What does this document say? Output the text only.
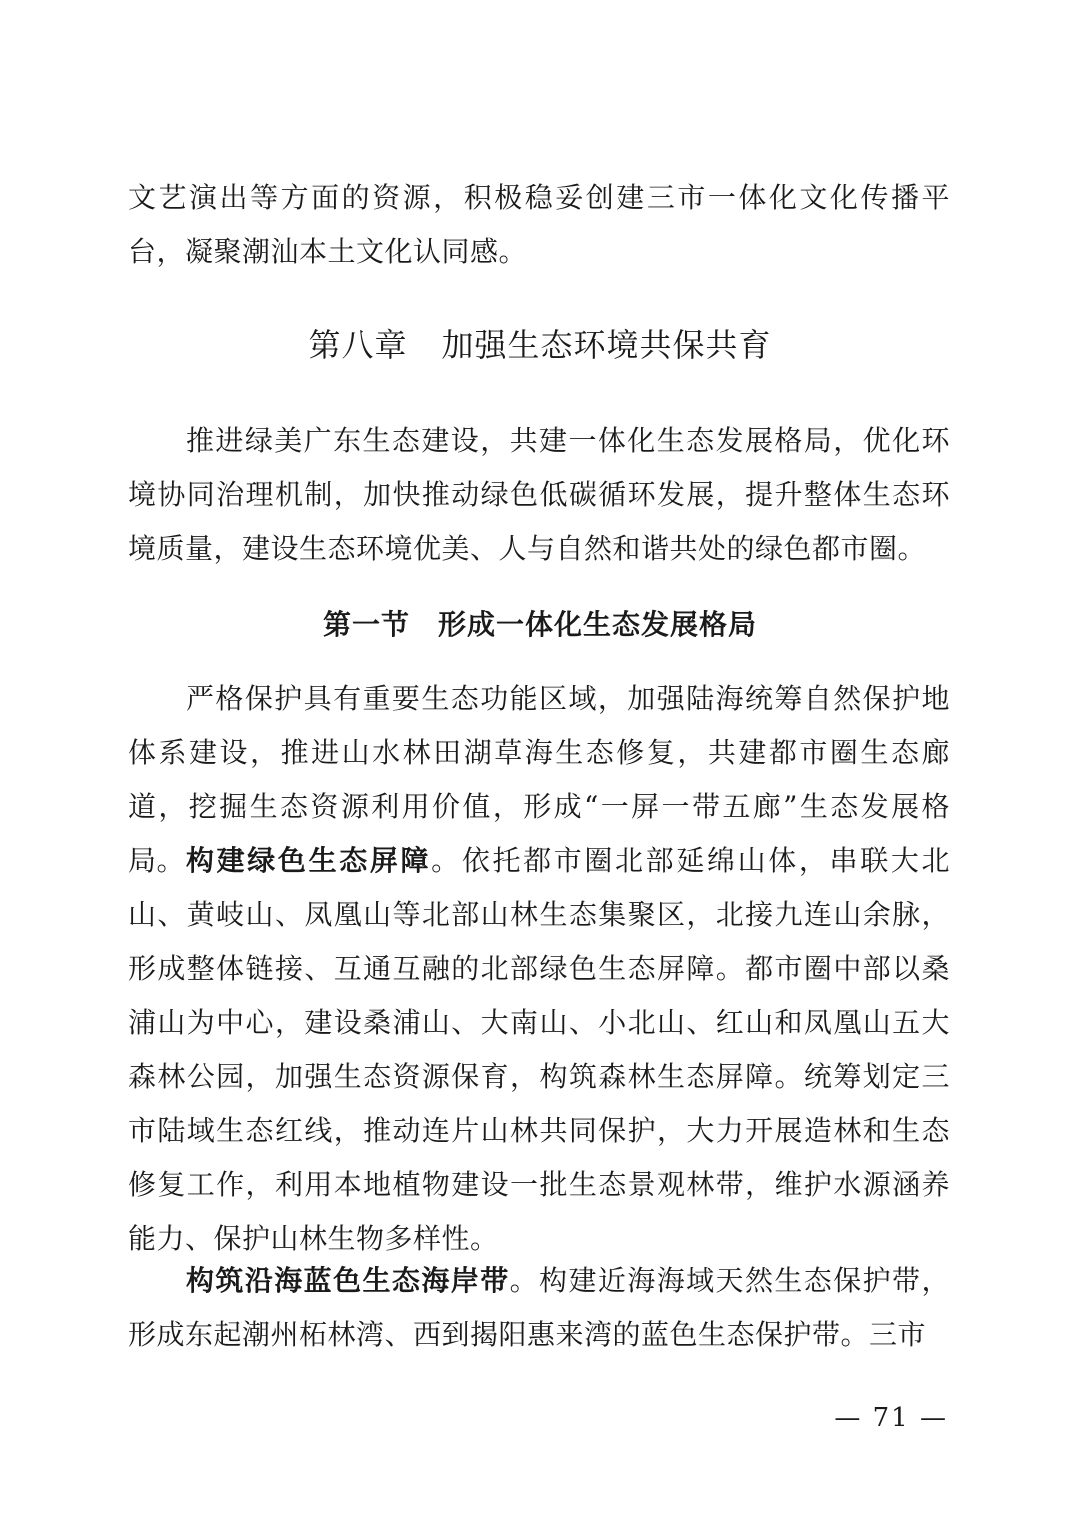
文艺演出等方面的资源，积极稳妥创建三市一体化文化传播平台，凝聚潮汕本土文化认同感。

第八章 加强生态环境共保共育

推进绿美广东生态建设，共建一体化生态发展格局，优化环境协同治理机制，加快推动绿色低碳循环发展，提升整体生态环境质量，建设生态环境优美、人与自然和谐共处的绿色都市圈。

第一节 形成一体化生态发展格局

严格保护具有重要生态功能区域，加强陆海统筹自然保护地体系建设，推进山水林田湖草海生态修复，共建都市圈生态廊道，挖掘生态资源利用价值，形成“一屏一带五廊”生态发展格局。 构建绿色生态屏障。依托都市圈北部延绵山体，串联大北山、黄岐山、凤凰山等北部山林生态集聚区，北接九连山余脉，形成整体链接、互通互融的北部绿色生态屏障。都市圈中部以桑浦山为中心，建设桑浦山、大南山、小北山、红山和凤凰山五大森林公园，加强生态资源保育，构筑森林生态屏障。统筹划定三市陆域生态红线，推动连片山林共同保护，大力开展造林和生态修复工作，利用本地植物建设一批生态景观林带，维护水源涵养能力、保护山林生物多样性。

构筑沿海蓝色生态海岸带。构建近海海域天然生态保护带，形成东起潮州柘林湾、西到揭阳惠来湾的蓝色生态保护带。三市

— 71 —
